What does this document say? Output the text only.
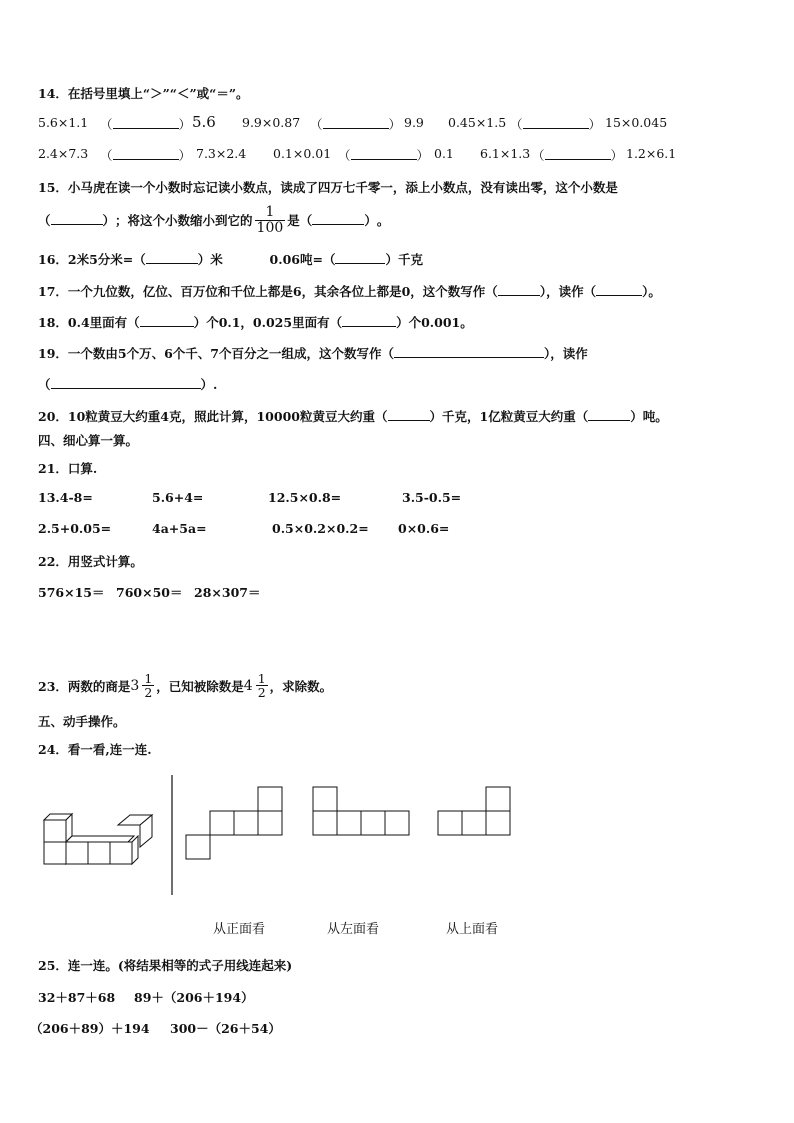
14．在括号里填上“＞”“＜”或“＝”。
5.6×1.1 （	） 5.6 9.9×0.87 （	） 9.9 0.45×1.5 （	） 15×0.045
2.4×7.3 （	） 7.3×2.4 0.1×0.01 （	） 0.1 6.1×1.3 （	） 1.2×6.1
15．小马虎在读一个小数时忘记读小数点，读成了四万七千零一，添上小数点，没有读出零，这个小数是
（	） ；将这个小数缩小到它的 $\frac{1}{100}$ 是 （	） 。
16．2米5分米=（	）米	0.06吨=（	）千克
17．一个九位数，亿位、百万位和千位上都是6，其余各位上都是0，这个数写作（	），读作（	）。
18．0.4里面有（	）个0.1，0.025里面有（	）个0.001。
19．一个数由5个万、6个千、7个百分之一组成，这个数写作（	），读作
（	）.
20．10粒黄豆大约重4克，照此计算，10000粒黄豆大约重（	）千克，1亿粒黄豆大约重（	）吨。
四、细心算一算。
21．口算.
13.4-8=	5.6+4=	12.5×0.8=	3.5-0.5=
2.5+0.05=	4a+5a=	0.5×0.2×0.2= 0×0.6=
22．用竖式计算。
576×15＝ 760×50＝ 28×307＝
23．两数的商是 $3 \frac{1}{2}$ ，已知被除数是 $4 \frac{1}{2}$ ，求除数。
五、动手操作。
24．看一看,连一连.
从正面看	从左面看	从上面看
25．连一连。(将结果相等的式子用线连起来)
32＋87＋68 89＋（206＋194）
（206＋89）＋194 300－（26＋54）
